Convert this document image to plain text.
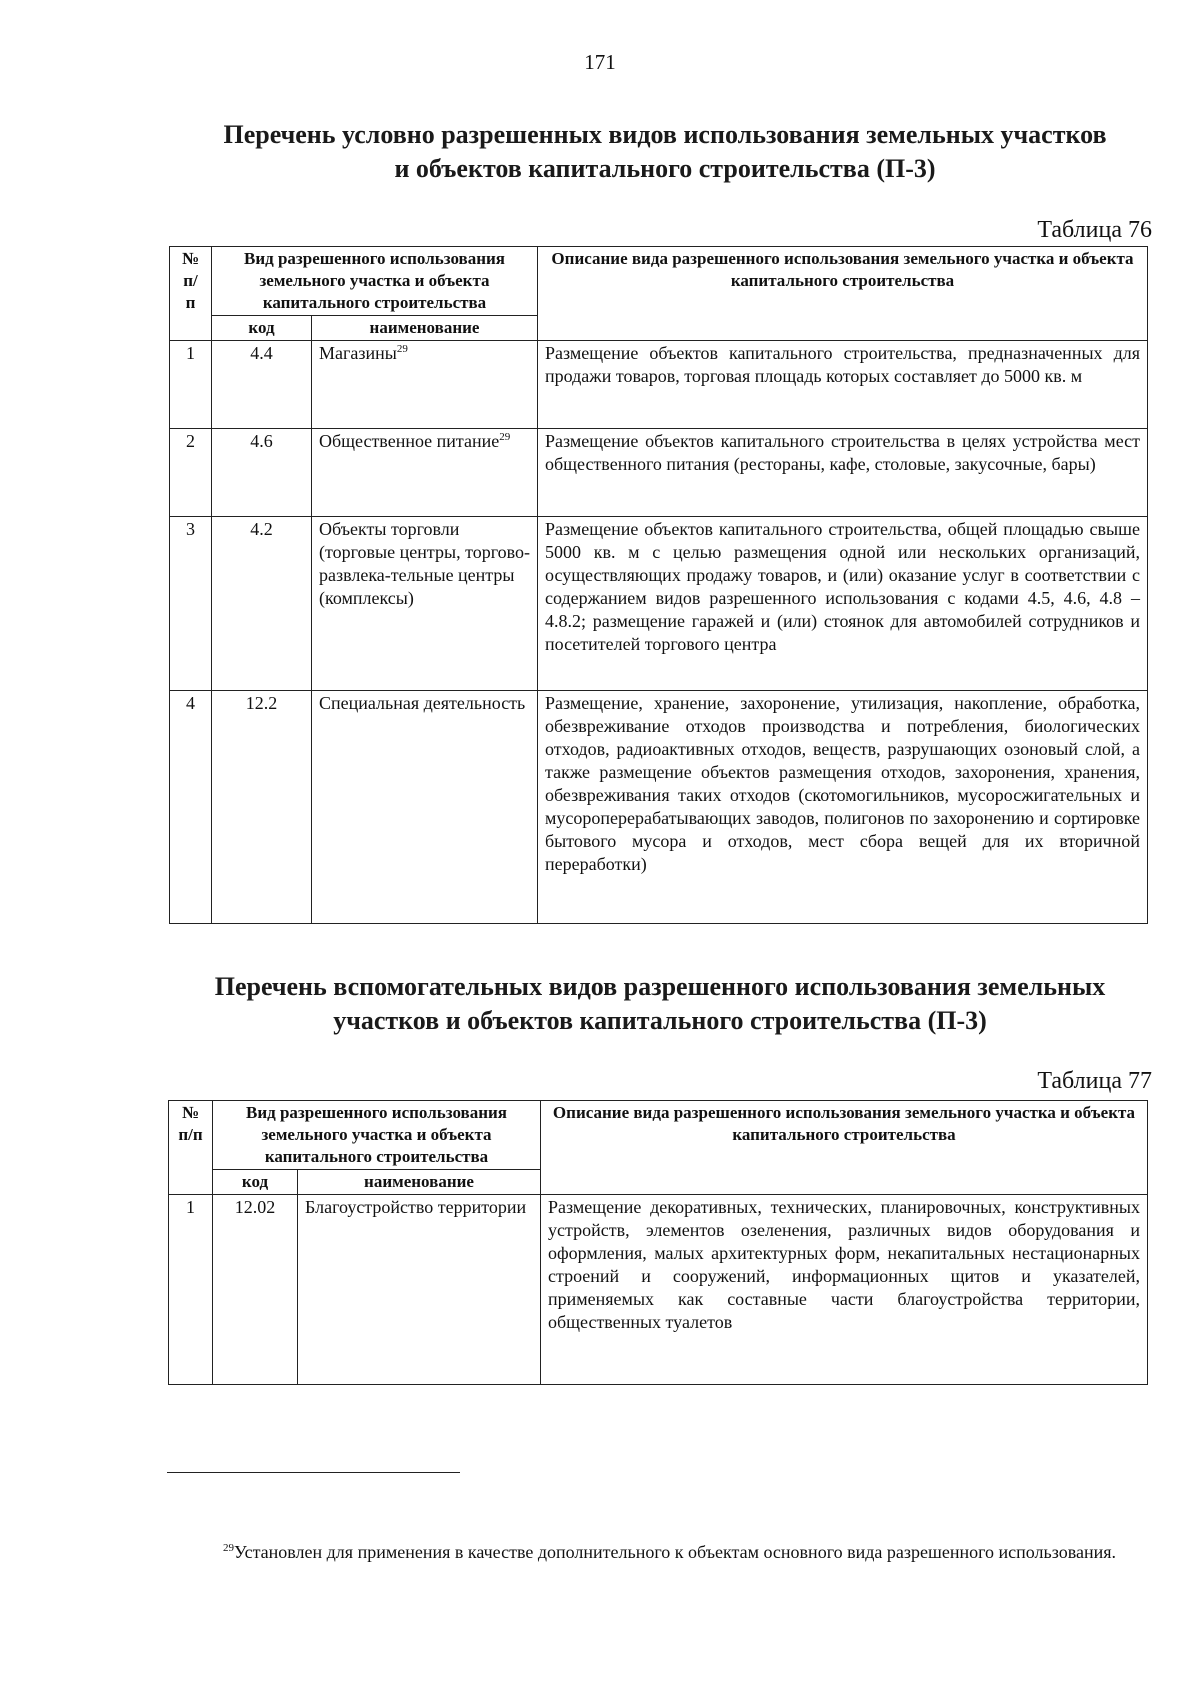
171
Перечень условно разрешенных видов использования земельных участков
и объектов капитального строительства (П-3)
Таблица 76
№ п/ п	Вид разрешенного использования земельного участка и объекта капитального строительства		Описание вида разрешенного использования земельного участка и объекта капитального строительства
	код	наименование	
1	4.4	Магазины$^{29}$	Размещение объектов капитального строительства, предназначенных для продажи товаров, торговая площадь которых составляет до 5000 кв. м
2	4.6	Общественное питание$^{29}$	Размещение объектов капитального строительства в целях устройства мест общественного питания (рестораны, кафе, столовые, закусочные, бары)
3	4.2	Объекты торговли (торговые центры, торгово-развлека-тельные центры (комплексы)	Размещение объектов капитального строительства, общей площадью свыше 5000 кв. м с целью размещения одной или нескольких организаций, осуществляющих продажу товаров, и (или) оказание услуг в соответствии с содержанием видов разрешенного использования с кодами 4.5, 4.6, 4.8 – 4.8.2; размещение гаражей и (или) стоянок для автомобилей сотрудников и посетителей торгового центра
4	12.2	Специальная деятельность	Размещение, хранение, захоронение, утилизация, накопление, обработка, обезвреживание отходов производства и потребления, биологических отходов, радиоактивных отходов, веществ, разрушающих озоновый слой, а также размещение объектов размещения отходов, захоронения, хранения, обезвреживания таких отходов (скотомогильников, мусоросжигательных и мусороперерабатывающих заводов, полигонов по захоронению и сортировке бытового мусора и отходов, мест сбора вещей для их вторичной переработки)
Перечень вспомогательных видов разрешенного использования земельных
участков и объектов капитального строительства (П-3)
Таблица 77
№ п/п	Вид разрешенного использования земельного участка и объекта капитального строительства		Описание вида разрешенного использования земельного участка и объекта капитального строительства
	код	наименование	
1	12.02	Благоустройство территории	Размещение декоративных, технических, планировочных, конструктивных устройств, элементов озеленения, различных видов оборудования и оформления, малых архитектурных форм, некапитальных нестационарных строений и сооружений, информационных щитов и указателей, применяемых как составные части благоустройства территории, общественных туалетов
$^{29}$Установлен для применения в качестве дополнительного к объектам основного вида разрешенного использования.
